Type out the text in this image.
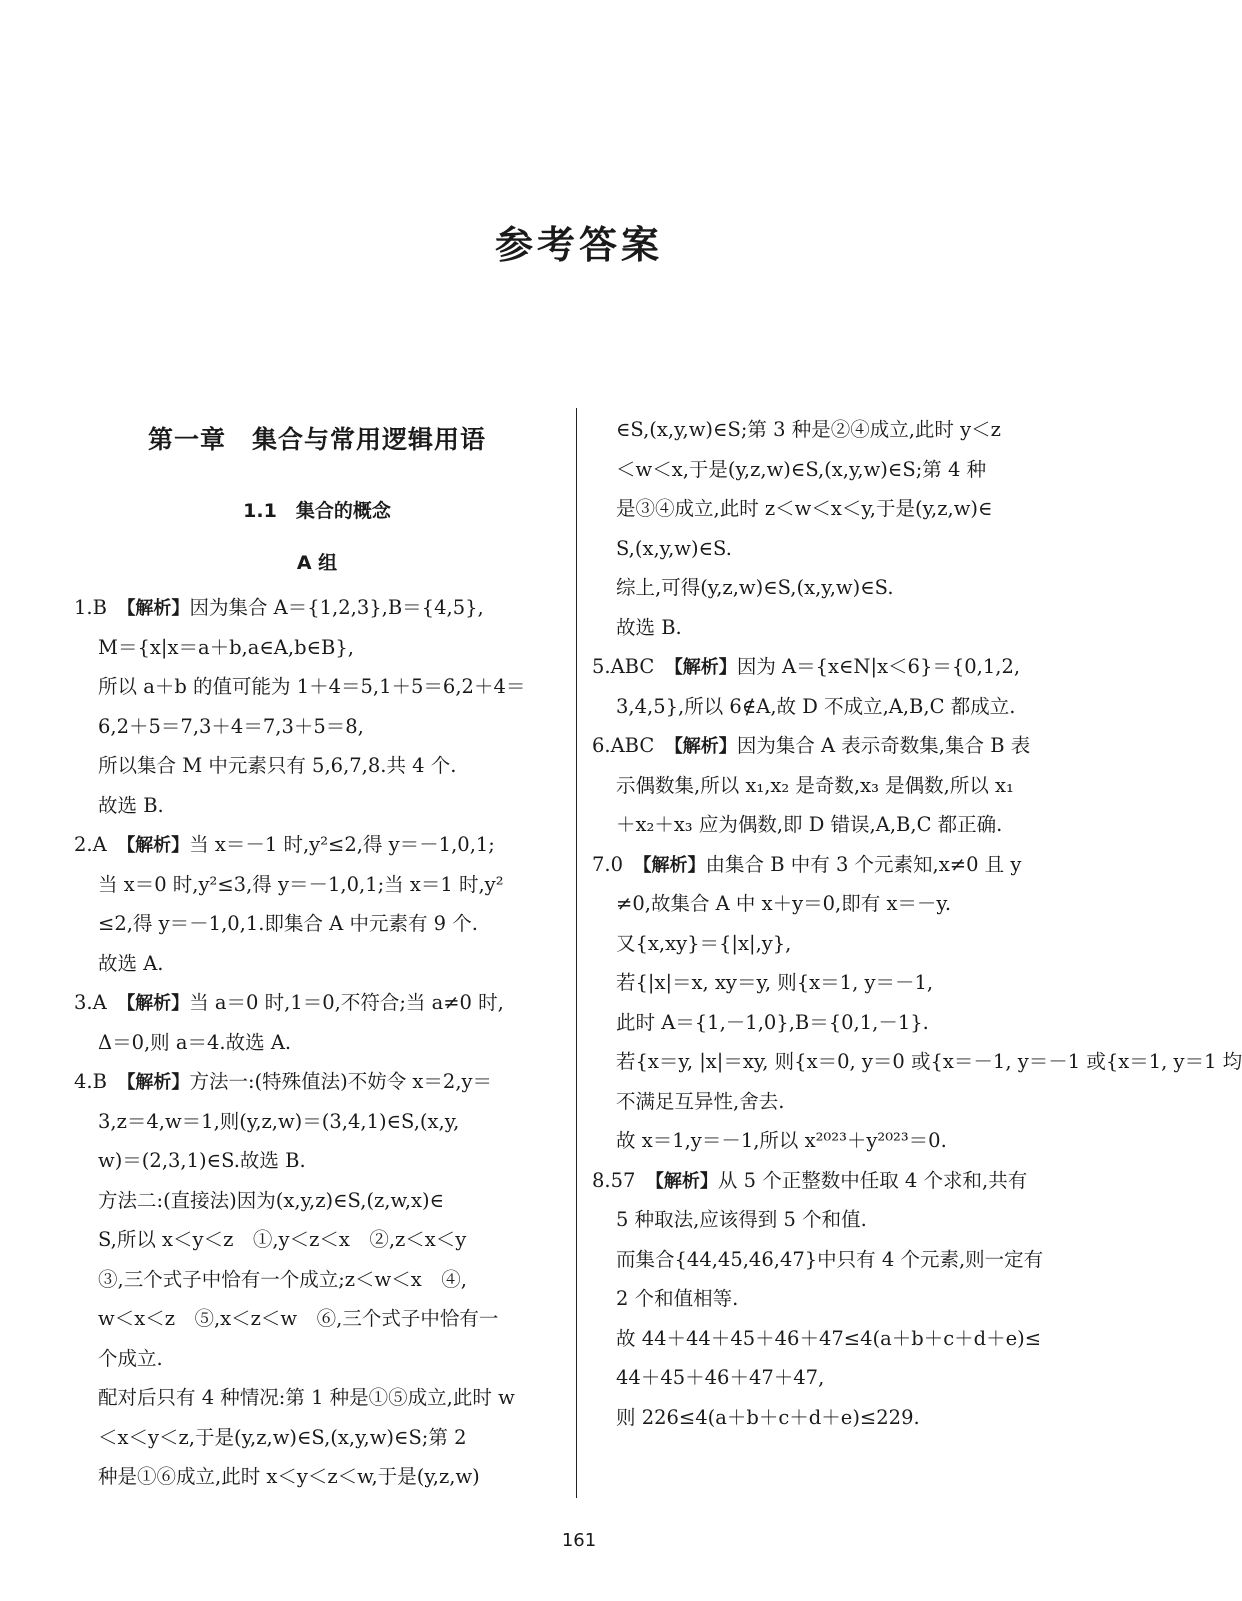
参考答案
第一章　集合与常用逻辑用语
1.1　集合的概念
A 组
1.B　【解析】因为集合 A＝{1,2,3},B＝{4,5},
M＝{x|x＝a＋b,a∈A,b∈B},
所以 a＋b 的值可能为 1＋4＝5,1＋5＝6,2＋4＝
6,2＋5＝7,3＋4＝7,3＋5＝8,
所以集合 M 中元素只有 5,6,7,8.共 4 个.
故选 B.
2.A　【解析】当 x＝－1 时,y²≤2,得 y＝－1,0,1;
当 x＝0 时,y²≤3,得 y＝－1,0,1;当 x＝1 时,y²
≤2,得 y＝－1,0,1.即集合 A 中元素有 9 个.
故选 A.
3.A　【解析】当 a＝0 时,1＝0,不符合;当 a≠0 时,
Δ＝0,则 a＝4.故选 A.
4.B　【解析】方法一:(特殊值法)不妨令 x＝2,y＝
3,z＝4,w＝1,则(y,z,w)＝(3,4,1)∈S,(x,y,
w)＝(2,3,1)∈S.故选 B.
方法二:(直接法)因为(x,y,z)∈S,(z,w,x)∈
S,所以 x＜y＜z　①,y＜z＜x　②,z＜x＜y
③,三个式子中恰有一个成立;z＜w＜x　④,
w＜x＜z　⑤,x＜z＜w　⑥,三个式子中恰有一
个成立.
配对后只有 4 种情况:第 1 种是①⑤成立,此时 w
＜x＜y＜z,于是(y,z,w)∈S,(x,y,w)∈S;第 2
种是①⑥成立,此时 x＜y＜z＜w,于是(y,z,w)
∈S,(x,y,w)∈S;第 3 种是②④成立,此时 y＜z
＜w＜x,于是(y,z,w)∈S,(x,y,w)∈S;第 4 种
是③④成立,此时 z＜w＜x＜y,于是(y,z,w)∈
S,(x,y,w)∈S.
综上,可得(y,z,w)∈S,(x,y,w)∈S.
故选 B.
5.ABC　【解析】因为 A＝{x∈N|x＜6}＝{0,1,2,
3,4,5},所以 6∉A,故 D 不成立,A,B,C 都成立.
6.ABC　【解析】因为集合 A 表示奇数集,集合 B 表
示偶数集,所以 x₁,x₂ 是奇数,x₃ 是偶数,所以 x₁
＋x₂＋x₃ 应为偶数,即 D 错误,A,B,C 都正确.
7.0　【解析】由集合 B 中有 3 个元素知,x≠0 且 y
≠0,故集合 A 中 x＋y＝0,即有 x＝－y.
又{x,xy}＝{|x|,y},
若{|x|＝x, xy＝y, 则{x＝1, y＝－1,
此时 A＝{1,－1,0},B＝{0,1,－1}.
若{x＝y, |x|＝xy, 则{x＝0, y＝0 或{x＝－1, y＝－1 或{x＝1, y＝1 均
不满足互异性,舍去.
故 x＝1,y＝－1,所以 x²⁰²³＋y²⁰²³＝0.
8.57　【解析】从 5 个正整数中任取 4 个求和,共有
5 种取法,应该得到 5 个和值.
而集合{44,45,46,47}中只有 4 个元素,则一定有
2 个和值相等.
故 44＋44＋45＋46＋47≤4(a＋b＋c＋d＋e)≤
44＋45＋46＋47＋47,
则 226≤4(a＋b＋c＋d＋e)≤229.
161
